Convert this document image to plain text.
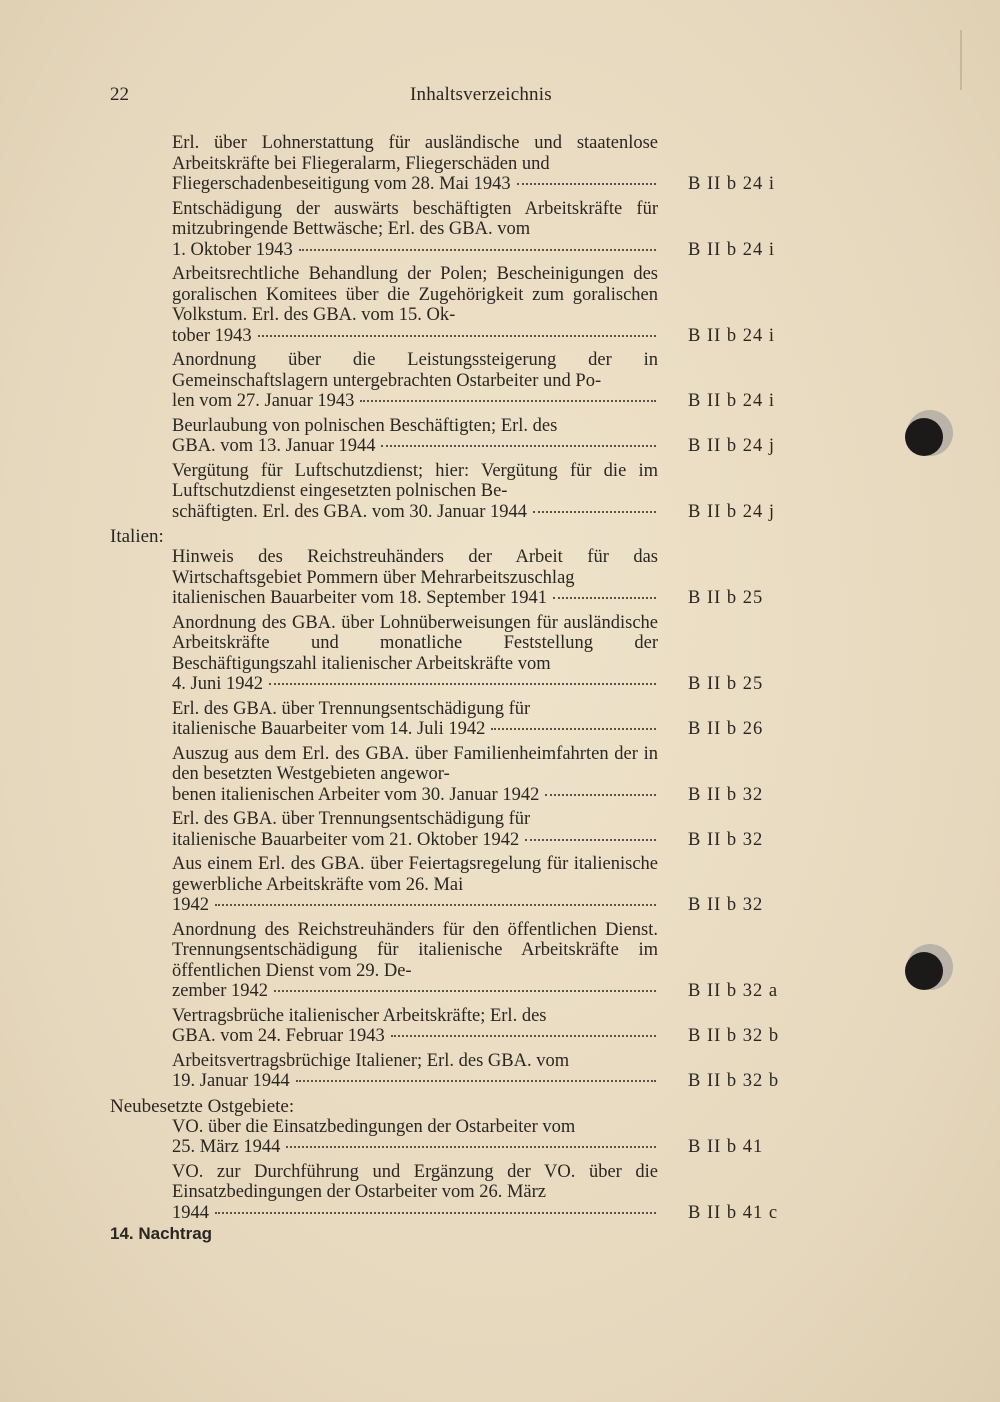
22	Inhaltsverzeichnis
Erl. über Lohnerstattung für ausländische und staatenlose Arbeitskräfte bei Fliegeralarm, Fliegerschäden und
Fliegerschadenbeseitigung vom 28. Mai 1943	B II b 24 i
Entschädigung der auswärts beschäftigten Arbeitskräfte für mitzubringende Bettwäsche; Erl. des GBA. vom
1. Oktober 1943	B II b 24 i
Arbeitsrechtliche Behandlung der Polen; Bescheinigungen des goralischen Komitees über die Zugehörigkeit zum goralischen Volkstum. Erl. des GBA. vom 15. Ok-
tober 1943	B II b 24 i
Anordnung über die Leistungssteigerung der in Gemeinschaftslagern untergebrachten Ostarbeiter und Po-
len vom 27. Januar 1943	B II b 24 i
Beurlaubung von polnischen Beschäftigten; Erl. des
GBA. vom 13. Januar 1944	B II b 24 j
Vergütung für Luftschutzdienst; hier: Vergütung für die im Luftschutzdienst eingesetzten polnischen Be-
schäftigten. Erl. des GBA. vom 30. Januar 1944	B II b 24 j
Italien:
Hinweis des Reichstreuhänders der Arbeit für das Wirtschaftsgebiet Pommern über Mehrarbeitszuschlag
italienischen Bauarbeiter vom 18. September 1941	B II b 25
Anordnung des GBA. über Lohnüberweisungen für ausländische Arbeitskräfte und monatliche Feststellung der Beschäftigungszahl italienischer Arbeitskräfte vom
4. Juni 1942	B II b 25
Erl. des GBA. über Trennungsentschädigung für
italienische Bauarbeiter vom 14. Juli 1942	B II b 26
Auszug aus dem Erl. des GBA. über Familienheimfahrten der in den besetzten Westgebieten angewor-
benen italienischen Arbeiter vom 30. Januar 1942	B II b 32
Erl. des GBA. über Trennungsentschädigung für
italienische Bauarbeiter vom 21. Oktober 1942	B II b 32
Aus einem Erl. des GBA. über Feiertagsregelung für italienische gewerbliche Arbeitskräfte vom 26. Mai
1942	B II b 32
Anordnung des Reichstreuhänders für den öffentlichen Dienst. Trennungsentschädigung für italienische Arbeitskräfte im öffentlichen Dienst vom 29. De-
zember 1942	B II b 32 a
Vertragsbrüche italienischer Arbeitskräfte; Erl. des
GBA. vom 24. Februar 1943	B II b 32 b
Arbeitsvertragsbrüchige Italiener; Erl. des GBA. vom
19. Januar 1944	B II b 32 b
Neubesetzte Ostgebiete:
VO. über die Einsatzbedingungen der Ostarbeiter vom
25. März 1944	B II b 41
VO. zur Durchführung und Ergänzung der VO. über die Einsatzbedingungen der Ostarbeiter vom 26. März
1944	B II b 41 c
14. Nachtrag
